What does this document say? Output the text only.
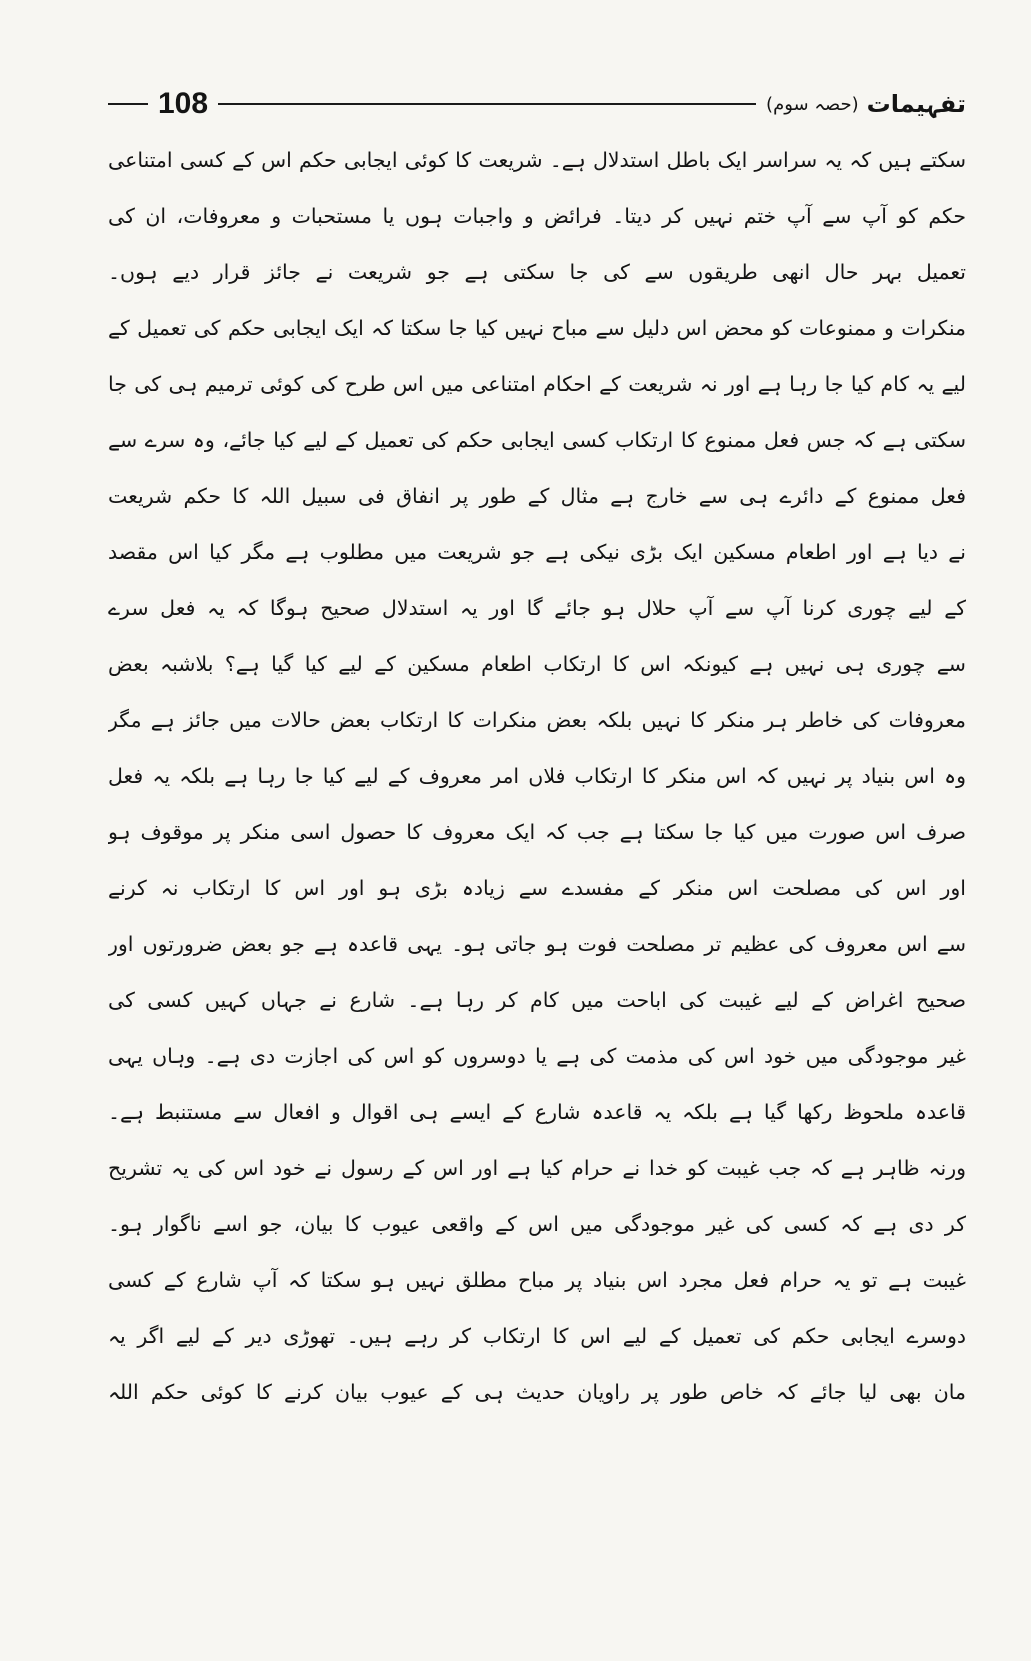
تفہیمات
(حصہ سوم)
108
سکتے ہیں کہ یہ سراسر ایک باطل استدلال ہے۔ شریعت کا کوئی ایجابی حکم اس کے کسی امتناعی
حکم کو آپ سے آپ ختم نہیں کر دیتا۔ فرائض و واجبات ہوں یا مستحبات و معروفات، ان کی
تعمیل بہر حال انھی طریقوں سے کی جا سکتی ہے جو شریعت نے جائز قرار دیے ہوں۔
منکرات و ممنوعات کو محض اس دلیل سے مباح نہیں کیا جا سکتا کہ ایک ایجابی حکم کی تعمیل کے
لیے یہ کام کیا جا رہا ہے اور نہ شریعت کے احکام امتناعی میں اس طرح کی کوئی ترمیم ہی کی جا
سکتی ہے کہ جس فعل ممنوع کا ارتکاب کسی ایجابی حکم کی تعمیل کے لیے کیا جائے، وہ سرے سے
فعل ممنوع کے دائرے ہی سے خارج ہے مثال کے طور پر انفاق فی سبیل اللہ کا حکم شریعت
نے دیا ہے اور اطعام مسکین ایک بڑی نیکی ہے جو شریعت میں مطلوب ہے مگر کیا اس مقصد
کے لیے چوری کرنا آپ سے آپ حلال ہو جائے گا اور یہ استدلال صحیح ہوگا کہ یہ فعل سرے
سے چوری ہی نہیں ہے کیونکہ اس کا ارتکاب اطعام مسکین کے لیے کیا گیا ہے؟ بلاشبہ بعض
معروفات کی خاطر ہر منکر کا نہیں بلکہ بعض منکرات کا ارتکاب بعض حالات میں جائز ہے مگر
وہ اس بنیاد پر نہیں کہ اس منکر کا ارتکاب فلاں امر معروف کے لیے کیا جا رہا ہے بلکہ یہ فعل
صرف اس صورت میں کیا جا سکتا ہے جب کہ ایک معروف کا حصول اسی منکر پر موقوف ہو
اور اس کی مصلحت اس منکر کے مفسدے سے زیادہ بڑی ہو اور اس کا ارتکاب نہ کرنے
سے اس معروف کی عظیم تر مصلحت فوت ہو جاتی ہو۔ یہی قاعدہ ہے جو بعض ضرورتوں اور
صحیح اغراض کے لیے غیبت کی اباحت میں کام کر رہا ہے۔ شارع نے جہاں کہیں کسی کی
غیر موجودگی میں خود اس کی مذمت کی ہے یا دوسروں کو اس کی اجازت دی ہے۔ وہاں یہی
قاعدہ ملحوظ رکھا گیا ہے بلکہ یہ قاعدہ شارع کے ایسے ہی اقوال و افعال سے مستنبط ہے۔
ورنہ ظاہر ہے کہ جب غیبت کو خدا نے حرام کیا ہے اور اس کے رسول نے خود اس کی یہ تشریح
کر دی ہے کہ کسی کی غیر موجودگی میں اس کے واقعی عیوب کا بیان، جو اسے ناگوار ہو۔
غیبت ہے تو یہ حرام فعل مجرد اس بنیاد پر مباح مطلق نہیں ہو سکتا کہ آپ شارع کے کسی
دوسرے ایجابی حکم کی تعمیل کے لیے اس کا ارتکاب کر رہے ہیں۔ تھوڑی دیر کے لیے اگر یہ
مان بھی لیا جائے کہ خاص طور پر راویان حدیث ہی کے عیوب بیان کرنے کا کوئی حکم اللہ
